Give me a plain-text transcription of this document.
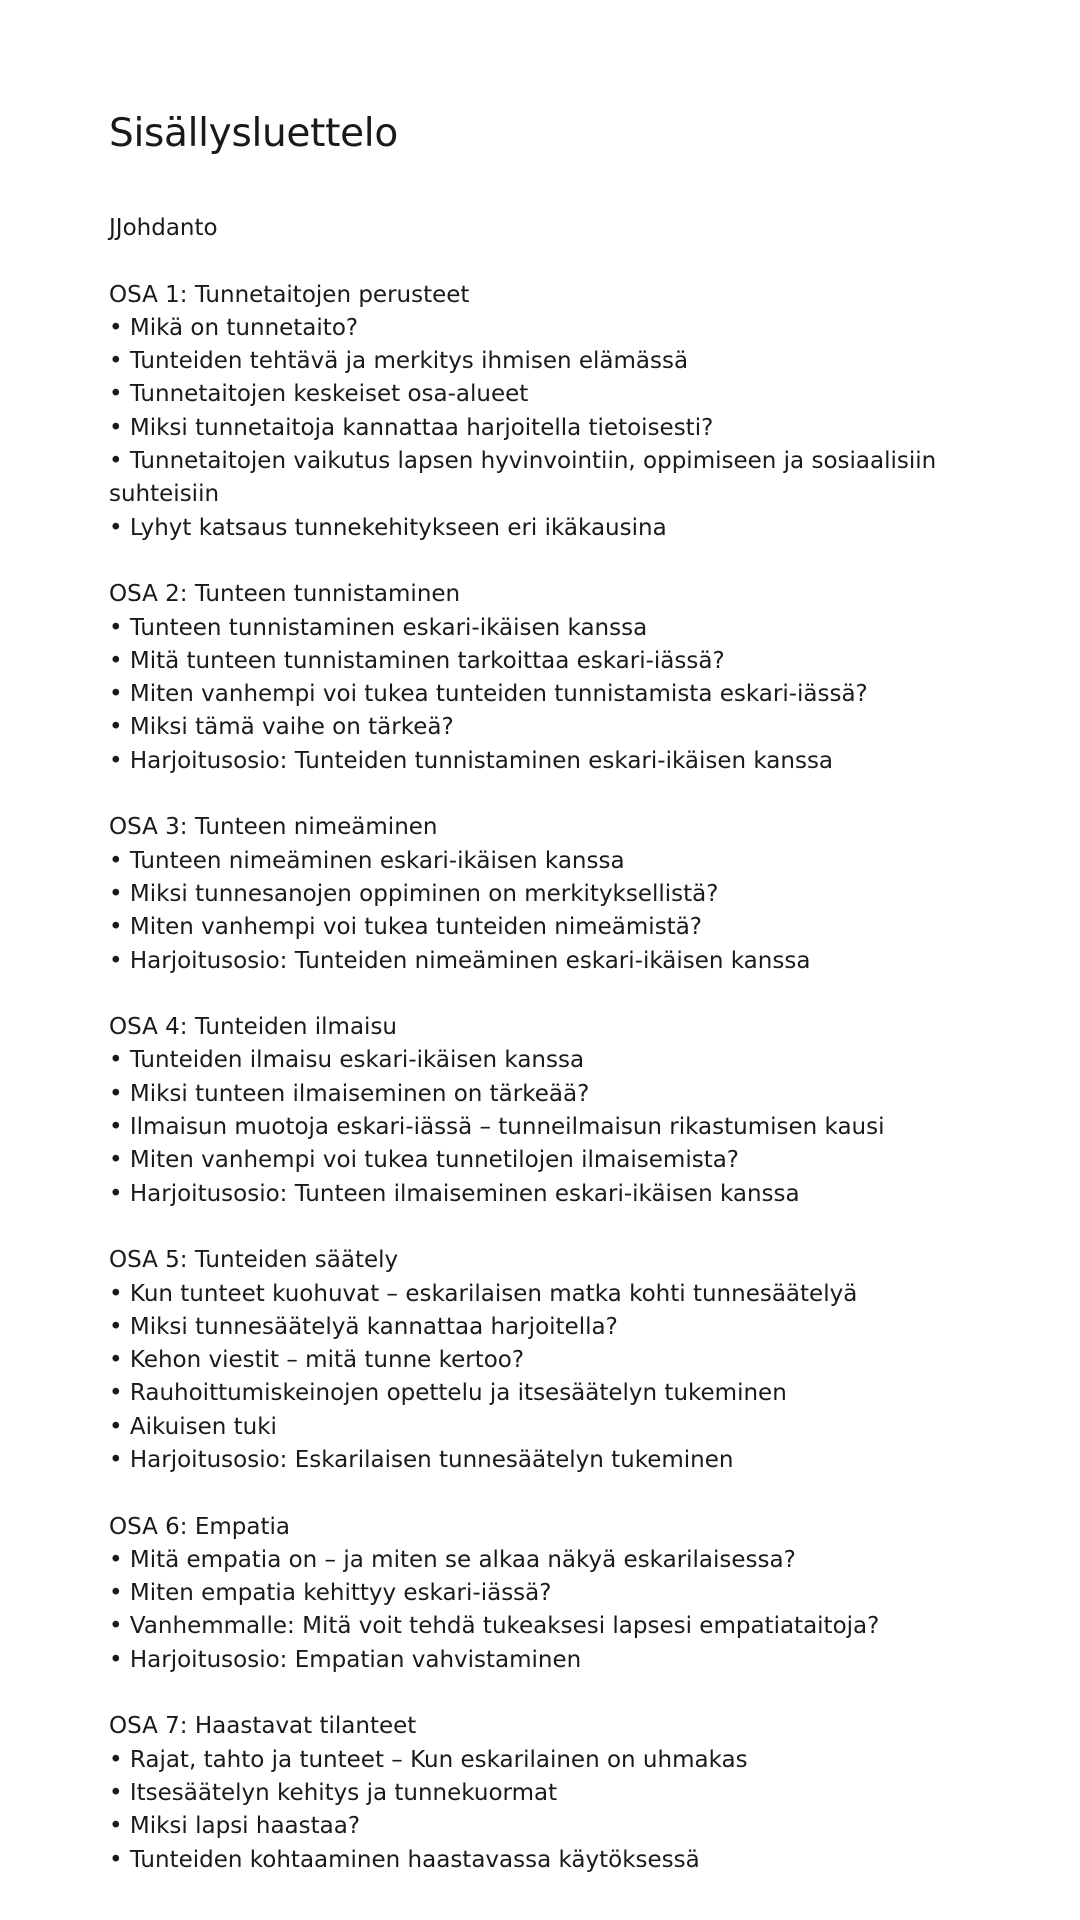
Sisällysluettelo

JJohdanto

OSA 1: Tunnetaitojen perusteet

• Mikä on tunnetaito?

• Tunteiden tehtävä ja merkitys ihmisen elämässä

• Tunnetaitojen keskeiset osa-alueet

• Miksi tunnetaitoja kannattaa harjoitella tietoisesti?

• Tunnetaitojen vaikutus lapsen hyvinvointiin, oppimiseen ja sosiaalisiin suhteisiin

• Lyhyt katsaus tunnekehitykseen eri ikäkausina

OSA 2: Tunteen tunnistaminen

• Tunteen tunnistaminen eskari-ikäisen kanssa

• Mitä tunteen tunnistaminen tarkoittaa eskari-iässä?

• Miten vanhempi voi tukea tunteiden tunnistamista eskari-iässä?

• Miksi tämä vaihe on tärkeä?

• Harjoitusosio: Tunteiden tunnistaminen eskari-ikäisen kanssa

OSA 3: Tunteen nimeäminen

• Tunteen nimeäminen eskari-ikäisen kanssa

• Miksi tunnesanojen oppiminen on merkityksellistä?

• Miten vanhempi voi tukea tunteiden nimeämistä?

• Harjoitusosio: Tunteiden nimeäminen eskari-ikäisen kanssa

OSA 4: Tunteiden ilmaisu

• Tunteiden ilmaisu eskari-ikäisen kanssa

• Miksi tunteen ilmaiseminen on tärkeää?

• Ilmaisun muotoja eskari-iässä – tunneilmaisun rikastumisen kausi

• Miten vanhempi voi tukea tunnetilojen ilmaisemista?

• Harjoitusosio: Tunteen ilmaiseminen eskari-ikäisen kanssa

OSA 5: Tunteiden säätely

• Kun tunteet kuohuvat – eskarilaisen matka kohti tunnesäätelyä

• Miksi tunnesäätelyä kannattaa harjoitella?

• Kehon viestit – mitä tunne kertoo?

• Rauhoittumiskeinojen opettelu ja itsesäätelyn tukeminen

• Aikuisen tuki

• Harjoitusosio: Eskarilaisen tunnesäätelyn tukeminen

OSA 6: Empatia

• Mitä empatia on – ja miten se alkaa näkyä eskarilaisessa?

• Miten empatia kehittyy eskari-iässä?

• Vanhemmalle: Mitä voit tehdä tukeaksesi lapsesi empatiataitoja?

• Harjoitusosio: Empatian vahvistaminen

OSA 7: Haastavat tilanteet

• Rajat, tahto ja tunteet – Kun eskarilainen on uhmakas

• Itsesäätelyn kehitys ja tunnekuormat

• Miksi lapsi haastaa?

• Tunteiden kohtaaminen haastavassa käytöksessä
